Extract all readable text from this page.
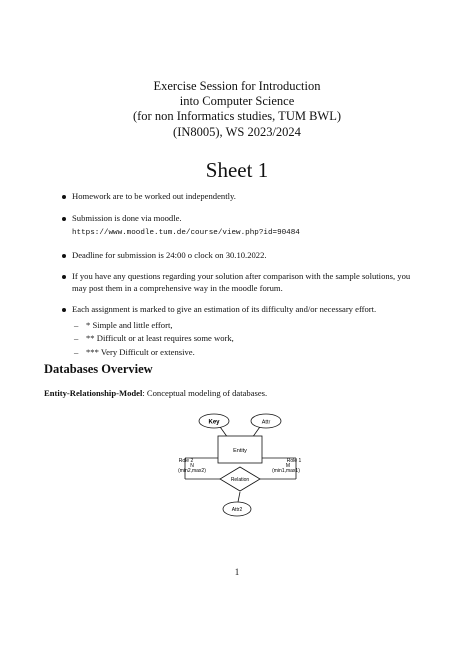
Exercise Session for Introduction
into Computer Science
(for non Informatics studies, TUM BWL)
(IN8005), WS 2023/2024
Sheet 1
Homework are to be worked out independently.
Submission is done via moodle.
https://www.moodle.tum.de/course/view.php?id=90484
Deadline for submission is 24:00 o clock on 30.10.2022.
If you have any questions regarding your solution after comparison with the sample solutions, you may post them in a comprehensive way in the moodle forum.
Each assignment is marked to give an estimation of its difficulty and/or necessary effort.
– * Simple and little effort,
– ** Difficult or at least requires some work,
– *** Very Difficult or extensive.
Databases Overview
Entity-Relationship-Model: Conceptual modeling of databases.
Key	Attr
Entity
Role 2
N
(min2,max2)
Role 1
M
(min1,max1)
Relation
Attr2
1
